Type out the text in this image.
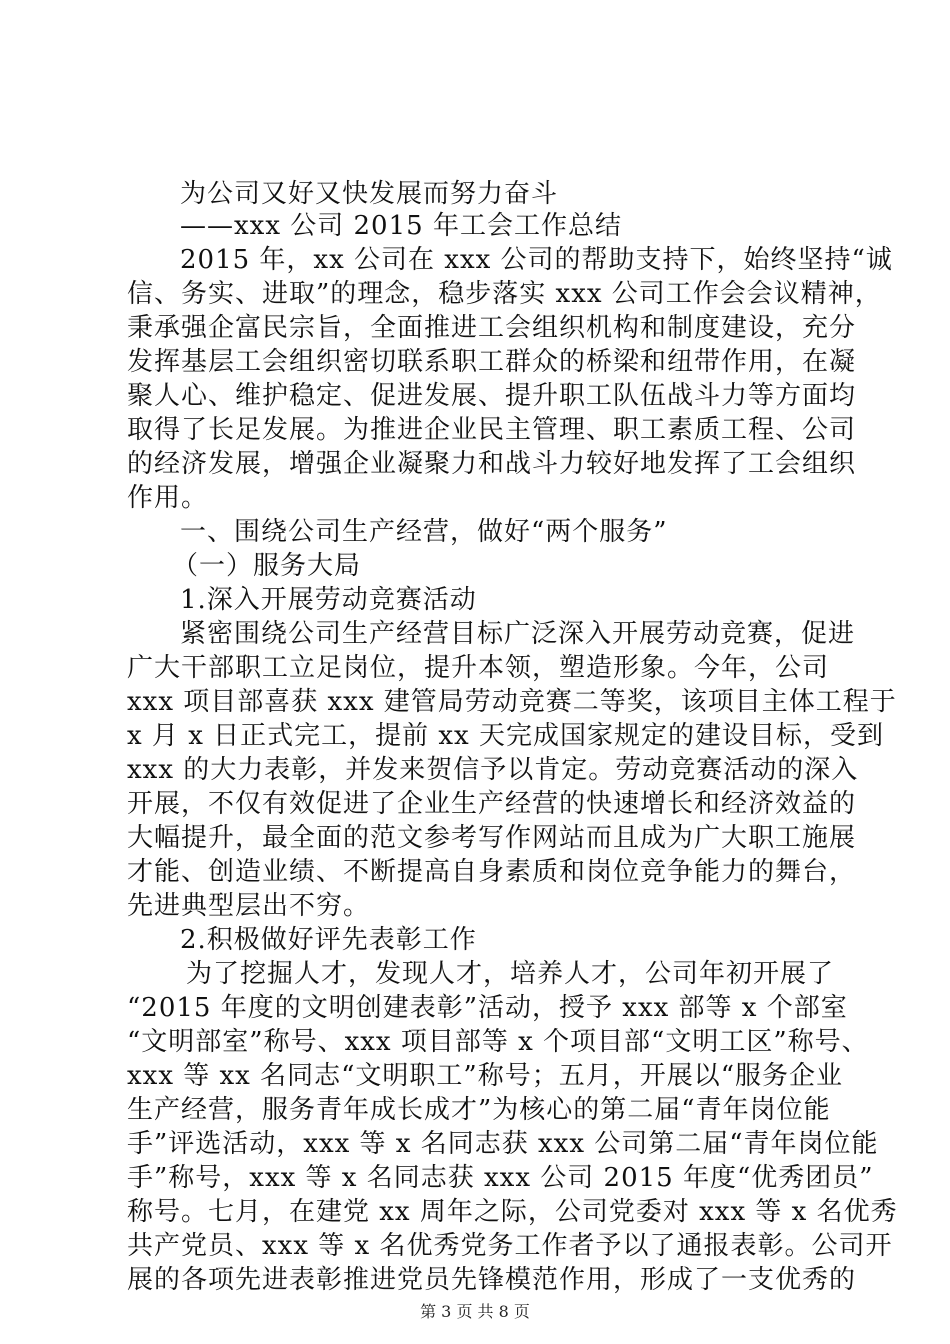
为公司又好又快发展而努力奋斗
——xxx 公司 2015 年工会工作总结
2015 年，xx 公司在 xxx 公司的帮助支持下，始终坚持“诚
信、务实、进取”的理念，稳步落实 xxx 公司工作会会议精神，
秉承强企富民宗旨，全面推进工会组织机构和制度建设，充分
发挥基层工会组织密切联系职工群众的桥梁和纽带作用，在凝
聚人心、维护稳定、促进发展、提升职工队伍战斗力等方面均
取得了长足发展。为推进企业民主管理、职工素质工程、公司
的经济发展，增强企业凝聚力和战斗力较好地发挥了工会组织
作用。
一、围绕公司生产经营，做好“两个服务”
（一）服务大局
1.深入开展劳动竞赛活动
紧密围绕公司生产经营目标广泛深入开展劳动竞赛，促进
广大干部职工立足岗位，提升本领，塑造形象。今年，公司
xxx 项目部喜获 xxx 建管局劳动竞赛二等奖，该项目主体工程于
x 月 x 日正式完工，提前 xx 天完成国家规定的建设目标，受到
xxx 的大力表彰，并发来贺信予以肯定。劳动竞赛活动的深入
开展，不仅有效促进了企业生产经营的快速增长和经济效益的
大幅提升，最全面的范文参考写作网站而且成为广大职工施展
才能、创造业绩、不断提高自身素质和岗位竞争能力的舞台，
先进典型层出不穷。
2.积极做好评先表彰工作
为了挖掘人才，发现人才，培养人才，公司年初开展了
“2015 年度的文明创建表彰”活动，授予 xxx 部等 x 个部室
“文明部室”称号、xxx 项目部等 x 个项目部“文明工区”称号、
xxx 等 xx 名同志“文明职工”称号；五月，开展以“服务企业
生产经营，服务青年成长成才”为核心的第二届“青年岗位能
手”评选活动，xxx 等 x 名同志获 xxx 公司第二届“青年岗位能
手”称号，xxx 等 x 名同志获 xxx 公司 2015 年度“优秀团员”
称号。七月，在建党 xx 周年之际，公司党委对 xxx 等 x 名优秀
共产党员、xxx 等 x 名优秀党务工作者予以了通报表彰。公司开
展的各项先进表彰推进党员先锋模范作用，形成了一支优秀的
第 3 页 共 8 页
